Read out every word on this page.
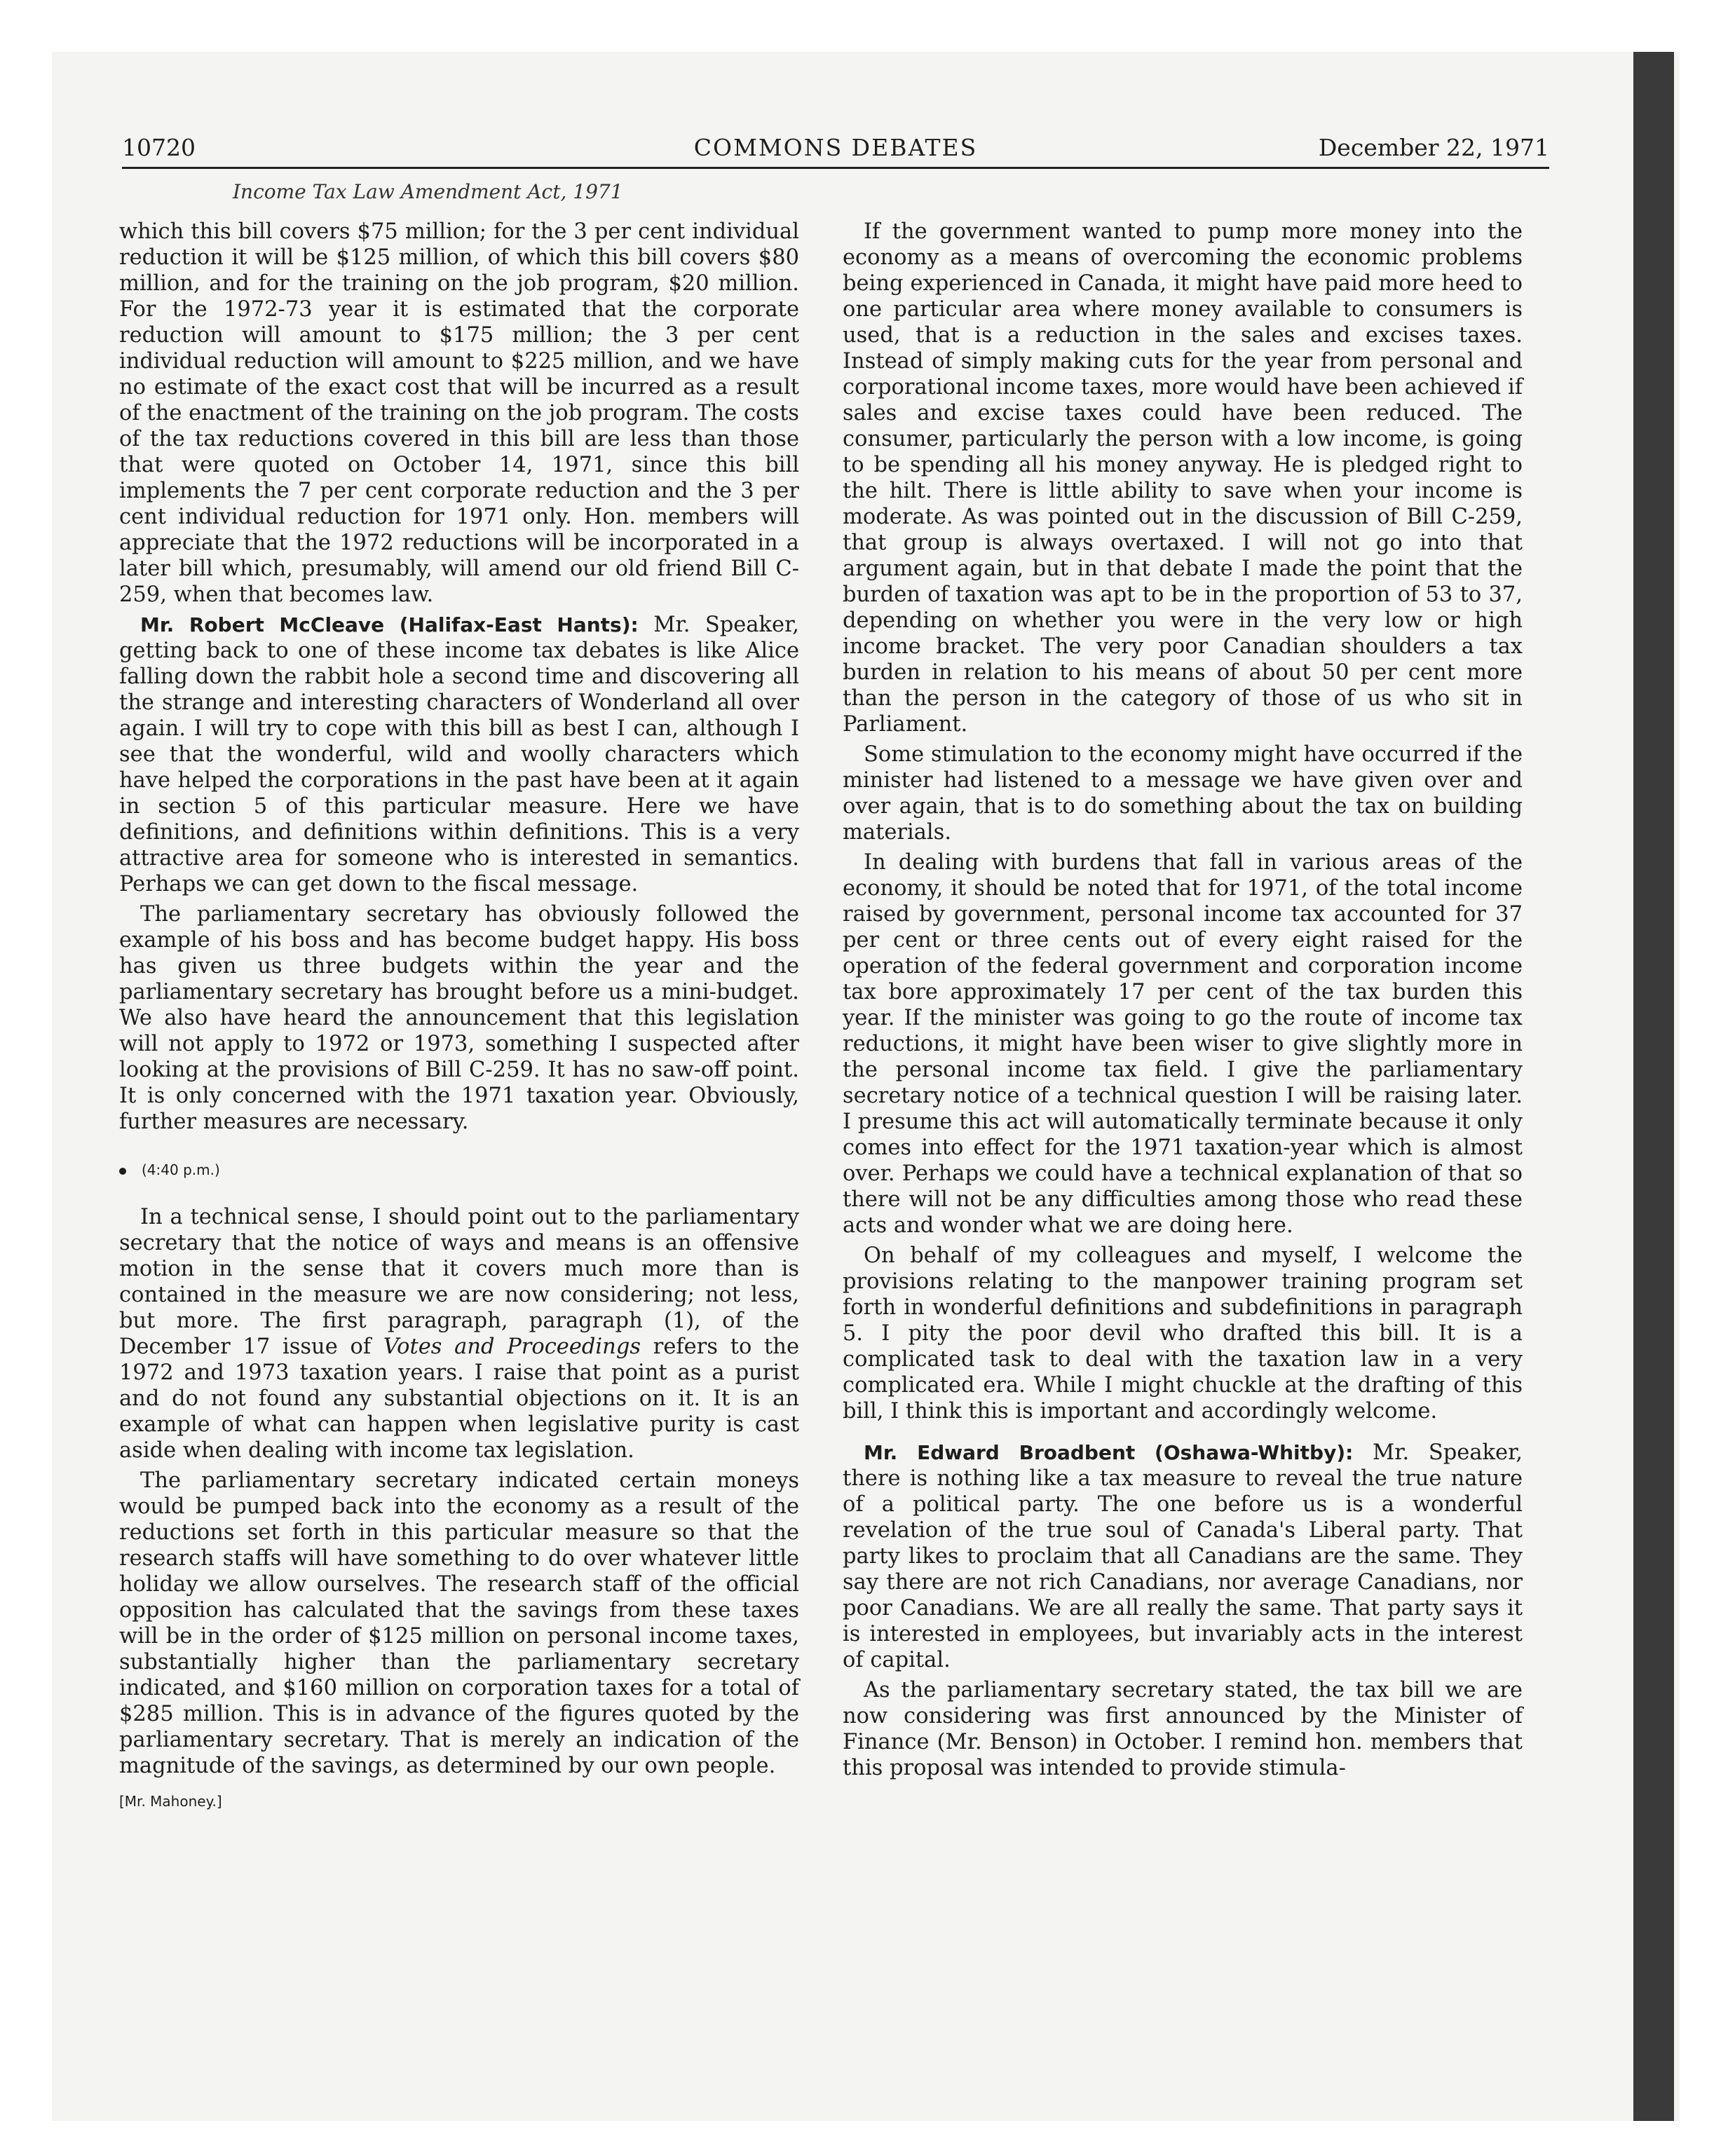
10720	COMMONS DEBATES	December 22, 1971
Income Tax Law Amendment Act, 1971

which this bill covers $75 million; for the 3 per cent individual reduction it will be $125 million, of which this bill covers $80 million, and for the training on the job program, $20 million. For the 1972-73 year it is estimated that the corporate reduction will amount to $175 million; the 3 per cent individual reduction will amount to $225 million, and we have no estimate of the exact cost that will be incurred as a result of the enactment of the training on the job program. The costs of the tax reductions covered in this bill are less than those that were quoted on October 14, 1971, since this bill implements the 7 per cent corporate reduction and the 3 per cent individual reduction for 1971 only. Hon. members will appreciate that the 1972 reductions will be incorporated in a later bill which, presumably, will amend our old friend Bill C-259, when that becomes law.

Mr. Robert McCleave (Halifax-East Hants): Mr. Speaker, getting back to one of these income tax debates is like Alice falling down the rabbit hole a second time and discovering all the strange and interesting characters of Wonderland all over again. I will try to cope with this bill as best I can, although I see that the wonderful, wild and woolly characters which have helped the corporations in the past have been at it again in section 5 of this particular measure. Here we have definitions, and definitions within definitions. This is a very attractive area for someone who is interested in semantics. Perhaps we can get down to the fiscal message.

The parliamentary secretary has obviously followed the example of his boss and has become budget happy. His boss has given us three budgets within the year and the parliamentary secretary has brought before us a mini-budget. We also have heard the announcement that this legislation will not apply to 1972 or 1973, something I suspected after looking at the provisions of Bill C-259. It has no saw-off point. It is only concerned with the 1971 taxation year. Obviously, further measures are necessary.

(4:40 p.m.)

In a technical sense, I should point out to the parliamentary secretary that the notice of ways and means is an offensive motion in the sense that it covers much more than is contained in the measure we are now considering; not less, but more. The first paragraph, paragraph (1), of the December 17 issue of Votes and Proceedings refers to the 1972 and 1973 taxation years. I raise that point as a purist and do not found any substantial objections on it. It is an example of what can happen when legislative purity is cast aside when dealing with income tax legislation.

The parliamentary secretary indicated certain moneys would be pumped back into the economy as a result of the reductions set forth in this particular measure so that the research staffs will have something to do over whatever little holiday we allow ourselves. The research staff of the official opposition has calculated that the savings from these taxes will be in the order of $125 million on personal income taxes, substantially higher than the parliamentary secretary indicated, and $160 million on corporation taxes for a total of $285 million. This is in advance of the figures quoted by the parliamentary secretary. That is merely an indication of the magnitude of the savings, as determined by our own people.

[Mr. Mahoney.]

If the government wanted to pump more money into the economy as a means of overcoming the economic problems being experienced in Canada, it might have paid more heed to one particular area where money available to consumers is used, that is a reduction in the sales and excises taxes. Instead of simply making cuts for the year from personal and corporational income taxes, more would have been achieved if sales and excise taxes could have been reduced. The consumer, particularly the person with a low income, is going to be spending all his money anyway. He is pledged right to the hilt. There is little ability to save when your income is moderate. As was pointed out in the discussion of Bill C-259, that group is always overtaxed. I will not go into that argument again, but in that debate I made the point that the burden of taxation was apt to be in the proportion of 53 to 37, depending on whether you were in the very low or high income bracket. The very poor Canadian shoulders a tax burden in relation to his means of about 50 per cent more than the person in the category of those of us who sit in Parliament.

Some stimulation to the economy might have occurred if the minister had listened to a message we have given over and over again, that is to do something about the tax on building materials.

In dealing with burdens that fall in various areas of the economy, it should be noted that for 1971, of the total income raised by government, personal income tax accounted for 37 per cent or three cents out of every eight raised for the operation of the federal government and corporation income tax bore approximately 17 per cent of the tax burden this year. If the minister was going to go the route of income tax reductions, it might have been wiser to give slightly more in the personal income tax field. I give the parliamentary secretary notice of a technical question I will be raising later. I presume this act will automatically terminate because it only comes into effect for the 1971 taxation-year which is almost over. Perhaps we could have a technical explanation of that so there will not be any difficulties among those who read these acts and wonder what we are doing here.

On behalf of my colleagues and myself, I welcome the provisions relating to the manpower training program set forth in wonderful definitions and subdefinitions in paragraph 5. I pity the poor devil who drafted this bill. It is a complicated task to deal with the taxation law in a very complicated era. While I might chuckle at the drafting of this bill, I think this is important and accordingly welcome.

Mr. Edward Broadbent (Oshawa-Whitby): Mr. Speaker, there is nothing like a tax measure to reveal the true nature of a political party. The one before us is a wonderful revelation of the true soul of Canada's Liberal party. That party likes to proclaim that all Canadians are the same. They say there are not rich Canadians, nor average Canadians, nor poor Canadians. We are all really the same. That party says it is interested in employees, but invariably acts in the interest of capital.

As the parliamentary secretary stated, the tax bill we are now considering was first announced by the Minister of Finance (Mr. Benson) in October. I remind hon. members that this proposal was intended to provide stimula-
